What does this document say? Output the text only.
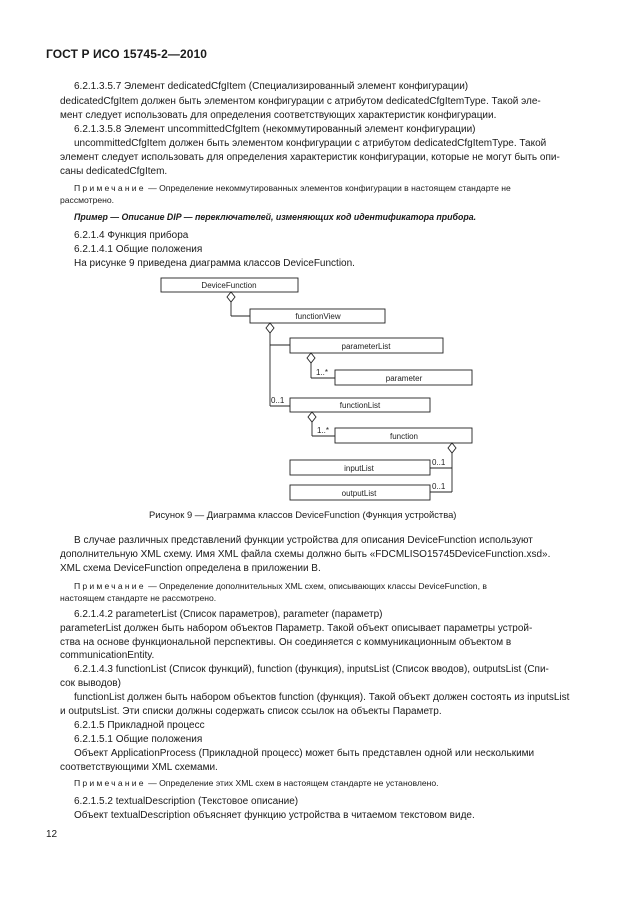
ГОСТ Р ИСО 15745-2—2010
6.2.1.3.5.7 Элемент dedicatedCfgItem (Специализированный элемент конфигурации)
dedicatedCfgItem должен быть элементом конфигурации с атрибутом dedicatedCfgItemType. Такой эле-
мент следует использовать для определения соответствующих характеристик конфигурации.
6.2.1.3.5.8 Элемент uncommittedCfgItem (некоммутированный элемент конфигурации)
uncommittedCfgItem должен быть элементом конфигурации с атрибутом dedicatedCfgItemType. Такой
элемент следует использовать для определения характеристик конфигурации, которые не могут быть опи-
саны dedicatedCfgItem.
Примечание — Определение некоммутированных элементов конфигурации в настоящем стандарте не
рассмотрено.
Пример — Описание DIP — переключателей, изменяющих код идентификатора прибора.
6.2.1.4 Функция прибора
6.2.1.4.1 Общие положения
На рисунке 9 приведена диаграмма классов DeviceFunction.
DeviceFunction
functionView
parameterList
parameter
functionList
function
inputList
outputList
1..*
0..1
1..*
0..1
0..1
Рисунок 9 — Диаграмма классов DeviceFunction (Функция устройства)
В случае различных представлений функции устройства для описания DeviceFunction используют
дополнительную XML схему. Имя XML файла схемы должно быть «FDCMLISO15745DeviceFunction.xsd».
XML схема DeviceFunction определена в приложении В.
Примечание — Определение дополнительных XML схем, описывающих классы DeviceFunction, в
настоящем стандарте не рассмотрено.
6.2.1.4.2 parameterList (Список параметров), parameter (параметр)
parameterList должен быть набором объектов Параметр. Такой объект описывает параметры устрой-
ства на основе функциональной перспективы. Он соединяется с коммуникационным объектом в
communicationEntity.
6.2.1.4.3 functionList (Список функций), function (функция), inputsList (Список вводов), outputsList (Спи-
сок выводов)
functionList должен быть набором объектов function (функция). Такой объект должен состоять из inputsList
и outputsList. Эти списки должны содержать список ссылок на объекты Параметр.
6.2.1.5 Прикладной процесс
6.2.1.5.1 Общие положения
Объект ApplicationProcess (Прикладной процесс) может быть представлен одной или несколькими
соответствующими XML схемами.
Примечание — Определение этих XML схем в настоящем стандарте не установлено.
6.2.1.5.2 textualDescription (Текстовое описание)
Объект textualDescription объясняет функцию устройства в читаемом текстовом виде.
12
